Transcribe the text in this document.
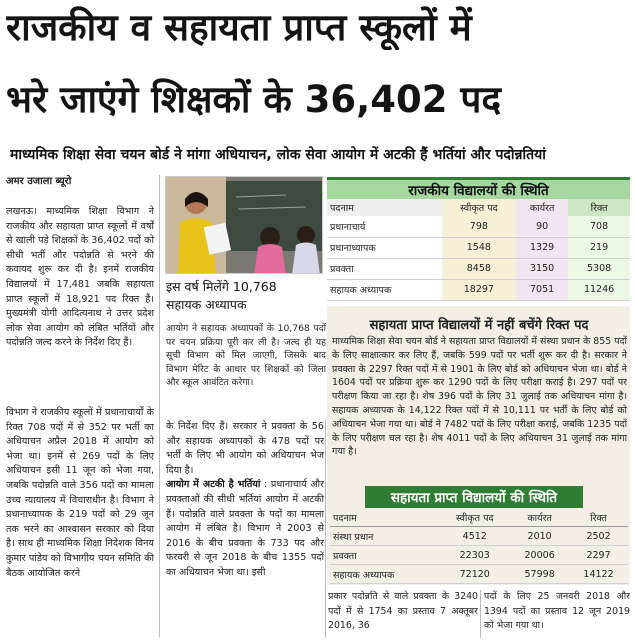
राजकीय व सहायता प्राप्त स्कूलों में
भरे जाएंगे शिक्षकों के 36,402 पद
माध्यमिक शिक्षा सेवा चयन बोर्ड ने मांगा अधियाचन, लोक सेवा आयोग में अटकी हैं भर्तियां और पदोन्नतियां
अमर उजाला ब्यूरो
लखनऊ। माध्यमिक शिक्षा विभाग ने राजकीय और सहायता प्राप्त स्कूलों में वर्षों से खाली पड़े शिक्षकों के 36,402 पदों को सीधी भर्ती और पदोन्नति से भरने की कवायद शुरू कर दी है। इनमें राजकीय विद्यालयों में 17,481 जबकि सहायता प्राप्त स्कूलों में 18,921 पद रिक्त हैं। मुख्यमंत्री योगी आदित्यनाथ ने उत्तर प्रदेश लोक सेवा आयोग को लंबित भर्तियों और पदोन्नति जल्द करने के निर्देश दिए हैं।
विभाग ने राजकीय स्कूलों में प्रधानाचार्यों के रिक्त 708 पदों में से 352 पर भर्ती का अधियाचन अप्रैल 2018 में आयोग को भेजा था। इनमें से 269 पदों के लिए अधियाचन इसी 11 जून को भेजा गया, जबकि पदोन्नति वाले 356 पदों का मामला उच्च न्यायालय में विचाराधीन है। विभाग ने प्रधानाध्यापक के 219 पदों को 29 जून तक भरने का आश्वासन सरकार को दिया है। साथ ही माध्यमिक शिक्षा निदेशक विनय कुमार पांडेय को विभागीय चयन समिति की बैठक आयोजित करने
इस वर्ष मिलेंगे 10,768
सहायक अध्यापक
आयोग ने सहायक अध्यापकों के 10,768 पदों पर चयन प्रक्रिया पूरी कर ली है। जल्द ही यह सूची विभाग को मिल जाएगी, जिसके बाद विभाग मेरिट के आधार पर शिक्षकों को जिला और स्कूल आवंटित करेगा।
के निर्देश दिए हैं। सरकार ने प्रवक्ता के 56 और सहायक अध्यापकों के 478 पदों पर भर्ती के लिए भी आयोग को अधियाचन भेज दिया है।
आयोग में अटकी है भर्तियां : प्रधानाचार्य और प्रवक्ताओं की सीधी भर्तियां आयोग में अटकी हैं। पदोन्नति वाले प्रवक्ता के पदों का मामला आयोग में लंबित है। विभाग ने 2003 से 2016 के बीच प्रवक्ता के 733 पद और फरवरी से जून 2018 के बीच 1355 पदों का अधियाचन भेजा था। इसी
राजकीय विद्यालयों की स्थिति
पदनाम	स्वीकृत पद	कार्यरत	रिक्त
प्रधानाचार्य	798	90	708
प्रधानाध्यापक	1548	1329	219
प्रवक्ता	8458	3150	5308
सहायक अध्यापक	18297	7051	11246
सहायता प्राप्त विद्यालयों में नहीं बचेंगे रिक्त पद
माध्यमिक शिक्षा सेवा चयन बोर्ड ने सहायता प्राप्त विद्यालयों में संस्था प्रधान के 855 पदों के लिए साक्षात्कार कर लिए हैं, जबकि 599 पदों पर भर्ती शुरू कर दी है। सरकार ने प्रवक्ता के 2297 रिक्त पदों में से 1901 के लिए बोर्ड को अधियाचन भेजा था। बोर्ड ने 1604 पदों पर प्रक्रिया शुरू कर 1290 पदों के लिए परीक्षा कराई है। 297 पदों पर परीक्षण किया जा रहा है। शेष 396 पदों के लिए 31 जुलाई तक अधियाचन मांगा है। सहायक अध्यापक के 14,122 रिक्त पदों में से 10,111 पर भर्ती के लिए बोर्ड को अधियाचन भेजा गया था। बोर्ड ने 7482 पदों के लिए परीक्षा कराई, जबकि 1235 पदों के लिए परीक्षण चल रहा है। शेष 4011 पदों के लिए अधियाचन 31 जुलाई तक मांगा गया है।
सहायता प्राप्त विद्यालयों की स्थिति
पदनाम	स्वीकृत पद	कार्यरत	रिक्त
संस्था प्रधान	4512	2010	2502
प्रवक्ता	22303	20006	2297
सहायक अध्यापक	72120	57998	14122
प्रकार पदोन्नति से वाले प्रवक्ता के 3240 पदों में से 1754 का प्रस्ताव 7 अक्तूबर 2016, 36
पदों के लिए 25 जनवरी 2018 और 1394 पदों का प्रस्ताव 12 जून 2019 को भेजा गया था।
